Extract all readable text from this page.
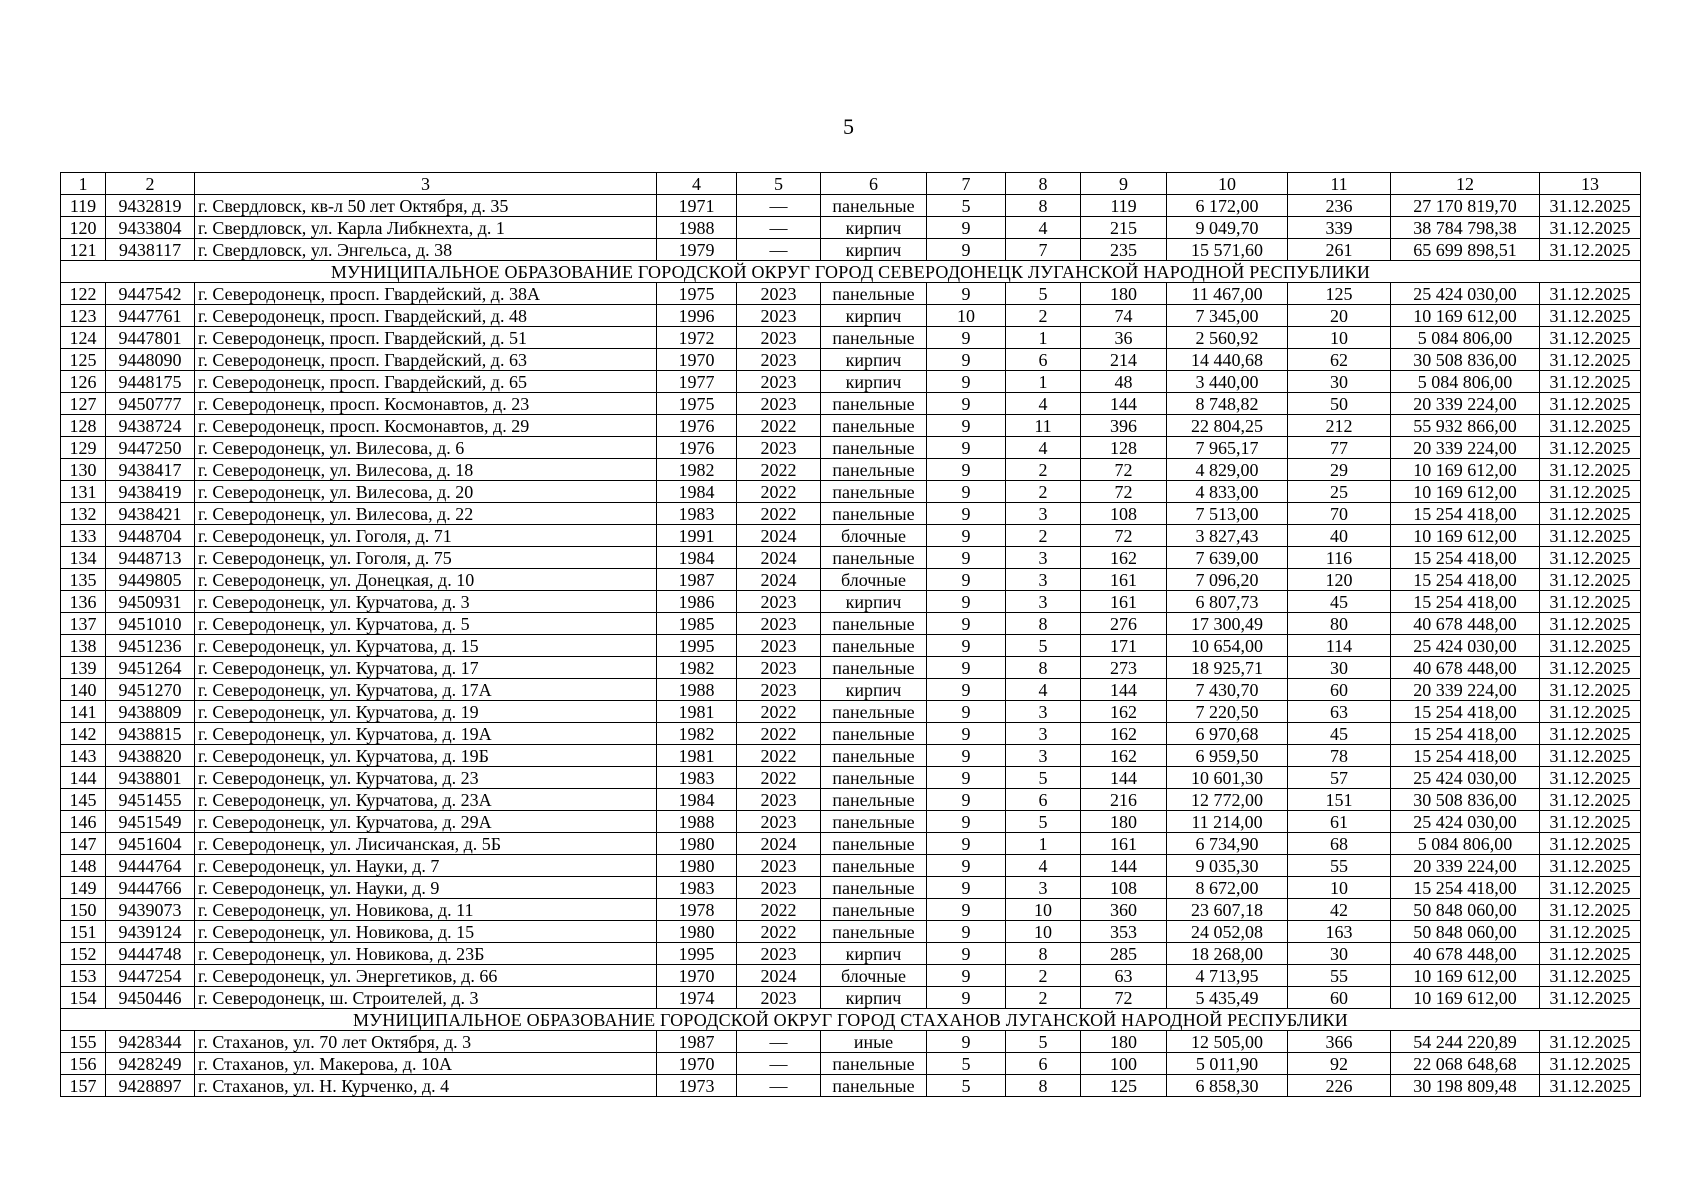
5
1	2	3	4	5	6	7	8	9	10	11	12	13
119	9432819	г. Свердловск, кв-л 50 лет Октября, д. 35	1971	—	панельные	5	8	119	6 172,00	236	27 170 819,70	31.12.2025
120	9433804	г. Свердловск, ул. Карла Либкнехта, д. 1	1988	—	кирпич	9	4	215	9 049,70	339	38 784 798,38	31.12.2025
121	9438117	г. Свердловск, ул. Энгельса, д. 38	1979	—	кирпич	9	7	235	15 571,60	261	65 699 898,51	31.12.2025
МУНИЦИПАЛЬНОЕ ОБРАЗОВАНИЕ ГОРОДСКОЙ ОКРУГ ГОРОД СЕВЕРОДОНЕЦК ЛУГАНСКОЙ НАРОДНОЙ РЕСПУБЛИКИ												
122	9447542	г. Северодонецк, просп. Гвардейский, д. 38А	1975	2023	панельные	9	5	180	11 467,00	125	25 424 030,00	31.12.2025
123	9447761	г. Северодонецк, просп. Гвардейский, д. 48	1996	2023	кирпич	10	2	74	7 345,00	20	10 169 612,00	31.12.2025
124	9447801	г. Северодонецк, просп. Гвардейский, д. 51	1972	2023	панельные	9	1	36	2 560,92	10	5 084 806,00	31.12.2025
125	9448090	г. Северодонецк, просп. Гвардейский, д. 63	1970	2023	кирпич	9	6	214	14 440,68	62	30 508 836,00	31.12.2025
126	9448175	г. Северодонецк, просп. Гвардейский, д. 65	1977	2023	кирпич	9	1	48	3 440,00	30	5 084 806,00	31.12.2025
127	9450777	г. Северодонецк, просп. Космонавтов, д. 23	1975	2023	панельные	9	4	144	8 748,82	50	20 339 224,00	31.12.2025
128	9438724	г. Северодонецк, просп. Космонавтов, д. 29	1976	2022	панельные	9	11	396	22 804,25	212	55 932 866,00	31.12.2025
129	9447250	г. Северодонецк, ул. Вилесова, д. 6	1976	2023	панельные	9	4	128	7 965,17	77	20 339 224,00	31.12.2025
130	9438417	г. Северодонецк, ул. Вилесова, д. 18	1982	2022	панельные	9	2	72	4 829,00	29	10 169 612,00	31.12.2025
131	9438419	г. Северодонецк, ул. Вилесова, д. 20	1984	2022	панельные	9	2	72	4 833,00	25	10 169 612,00	31.12.2025
132	9438421	г. Северодонецк, ул. Вилесова, д. 22	1983	2022	панельные	9	3	108	7 513,00	70	15 254 418,00	31.12.2025
133	9448704	г. Северодонецк, ул. Гоголя, д. 71	1991	2024	блочные	9	2	72	3 827,43	40	10 169 612,00	31.12.2025
134	9448713	г. Северодонецк, ул. Гоголя, д. 75	1984	2024	панельные	9	3	162	7 639,00	116	15 254 418,00	31.12.2025
135	9449805	г. Северодонецк, ул. Донецкая, д. 10	1987	2024	блочные	9	3	161	7 096,20	120	15 254 418,00	31.12.2025
136	9450931	г. Северодонецк, ул. Курчатова, д. 3	1986	2023	кирпич	9	3	161	6 807,73	45	15 254 418,00	31.12.2025
137	9451010	г. Северодонецк, ул. Курчатова, д. 5	1985	2023	панельные	9	8	276	17 300,49	80	40 678 448,00	31.12.2025
138	9451236	г. Северодонецк, ул. Курчатова, д. 15	1995	2023	панельные	9	5	171	10 654,00	114	25 424 030,00	31.12.2025
139	9451264	г. Северодонецк, ул. Курчатова, д. 17	1982	2023	панельные	9	8	273	18 925,71	30	40 678 448,00	31.12.2025
140	9451270	г. Северодонецк, ул. Курчатова, д. 17А	1988	2023	кирпич	9	4	144	7 430,70	60	20 339 224,00	31.12.2025
141	9438809	г. Северодонецк, ул. Курчатова, д. 19	1981	2022	панельные	9	3	162	7 220,50	63	15 254 418,00	31.12.2025
142	9438815	г. Северодонецк, ул. Курчатова, д. 19А	1982	2022	панельные	9	3	162	6 970,68	45	15 254 418,00	31.12.2025
143	9438820	г. Северодонецк, ул. Курчатова, д. 19Б	1981	2022	панельные	9	3	162	6 959,50	78	15 254 418,00	31.12.2025
144	9438801	г. Северодонецк, ул. Курчатова, д. 23	1983	2022	панельные	9	5	144	10 601,30	57	25 424 030,00	31.12.2025
145	9451455	г. Северодонецк, ул. Курчатова, д. 23А	1984	2023	панельные	9	6	216	12 772,00	151	30 508 836,00	31.12.2025
146	9451549	г. Северодонецк, ул. Курчатова, д. 29А	1988	2023	панельные	9	5	180	11 214,00	61	25 424 030,00	31.12.2025
147	9451604	г. Северодонецк, ул. Лисичанская, д. 5Б	1980	2024	панельные	9	1	161	6 734,90	68	5 084 806,00	31.12.2025
148	9444764	г. Северодонецк, ул. Науки, д. 7	1980	2023	панельные	9	4	144	9 035,30	55	20 339 224,00	31.12.2025
149	9444766	г. Северодонецк, ул. Науки, д. 9	1983	2023	панельные	9	3	108	8 672,00	10	15 254 418,00	31.12.2025
150	9439073	г. Северодонецк, ул. Новикова, д. 11	1978	2022	панельные	9	10	360	23 607,18	42	50 848 060,00	31.12.2025
151	9439124	г. Северодонецк, ул. Новикова, д. 15	1980	2022	панельные	9	10	353	24 052,08	163	50 848 060,00	31.12.2025
152	9444748	г. Северодонецк, ул. Новикова, д. 23Б	1995	2023	кирпич	9	8	285	18 268,00	30	40 678 448,00	31.12.2025
153	9447254	г. Северодонецк, ул. Энергетиков, д. 66	1970	2024	блочные	9	2	63	4 713,95	55	10 169 612,00	31.12.2025
154	9450446	г. Северодонецк, ш. Строителей, д. 3	1974	2023	кирпич	9	2	72	5 435,49	60	10 169 612,00	31.12.2025
МУНИЦИПАЛЬНОЕ ОБРАЗОВАНИЕ ГОРОДСКОЙ ОКРУГ ГОРОД СТАХАНОВ ЛУГАНСКОЙ НАРОДНОЙ РЕСПУБЛИКИ												
155	9428344	г. Стаханов, ул. 70 лет Октября, д. 3	1987	—	иные	9	5	180	12 505,00	366	54 244 220,89	31.12.2025
156	9428249	г. Стаханов, ул. Макерова, д. 10А	1970	—	панельные	5	6	100	5 011,90	92	22 068 648,68	31.12.2025
157	9428897	г. Стаханов, ул. Н. Курченко, д. 4	1973	—	панельные	5	8	125	6 858,30	226	30 198 809,48	31.12.2025
